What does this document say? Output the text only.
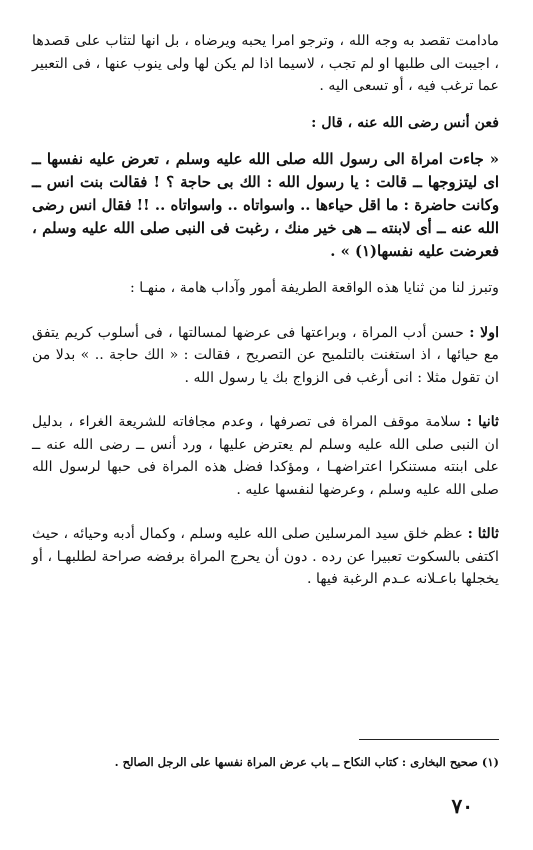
مادامت تقصد به وجه الله ، وترجو امرا يحبه ويرضاه ، بل انها لتثاب على قصدها ، اجيبت الى طلبها او لم تجب ، لاسيما اذا لم يكن لها ولى ينوب عنها ، فى التعبير عما ترغب فيه ، أو تسعى اليه .

فعن أنس رضى الله عنه ، قال :

« جاءت امراة الى رسول الله صلى الله عليه وسلم ، تعرض عليه نفسها ــ اى ليتزوجها ــ قالت : يا رسول الله : الك بى حاجة ؟ ! فقالت بنت انس ــ وكانت حاضرة : ما اقل حياءها .. واسواتاه .. واسواتاه .. !! فقال انس رضى الله عنه ــ أى لابنته ــ هى خير منك ، رغبت فى النبى صلى الله عليه وسلم ، فعرضت عليه نفسها(١) » .

وتبرز لنا من ثنايا هذه الواقعة الطريفة أمور وآداب هامة ، منهـا :

اولا : حسن أدب المراة ، وبراعتها فى عرضها لمسالتها ، فى أسلوب كريم يتفق مع حيائها ، اذ استغنت بالتلميح عن التصريح ، فقالت : « الك حاجة .. » بدلا من ان تقول مثلا : انى أرغب فى الزواج بك يا رسول الله .

ثانيا : سلامة موقف المراة فى تصرفها ، وعدم مجافاته للشريعة الغراء ، بدليل ان النبى صلى الله عليه وسلم لم يعترض عليها ، ورد أنس ــ رضى الله عنه ــ على ابنته مستنكرا اعتراضهـا ، ومؤكدا فضل هذه المراة فى حبها لرسول الله صلى الله عليه وسلم ، وعرضها لنفسها عليه .

ثالثا : عظم خلق سيد المرسلين صلى الله عليه وسلم ، وكمال أدبه وحيائه ، حيث اكتفى بالسكوت تعبيرا عن رده . دون أن يحرج المراة برفضه صراحة لطلبهـا ، أو يخجلها باعـلانه عـدم الرغبة فيها .

(١) صحيح البخارى : كتاب النكاح ــ باب عرض المراة نفسها على الرجل الصالح .
٧٠
